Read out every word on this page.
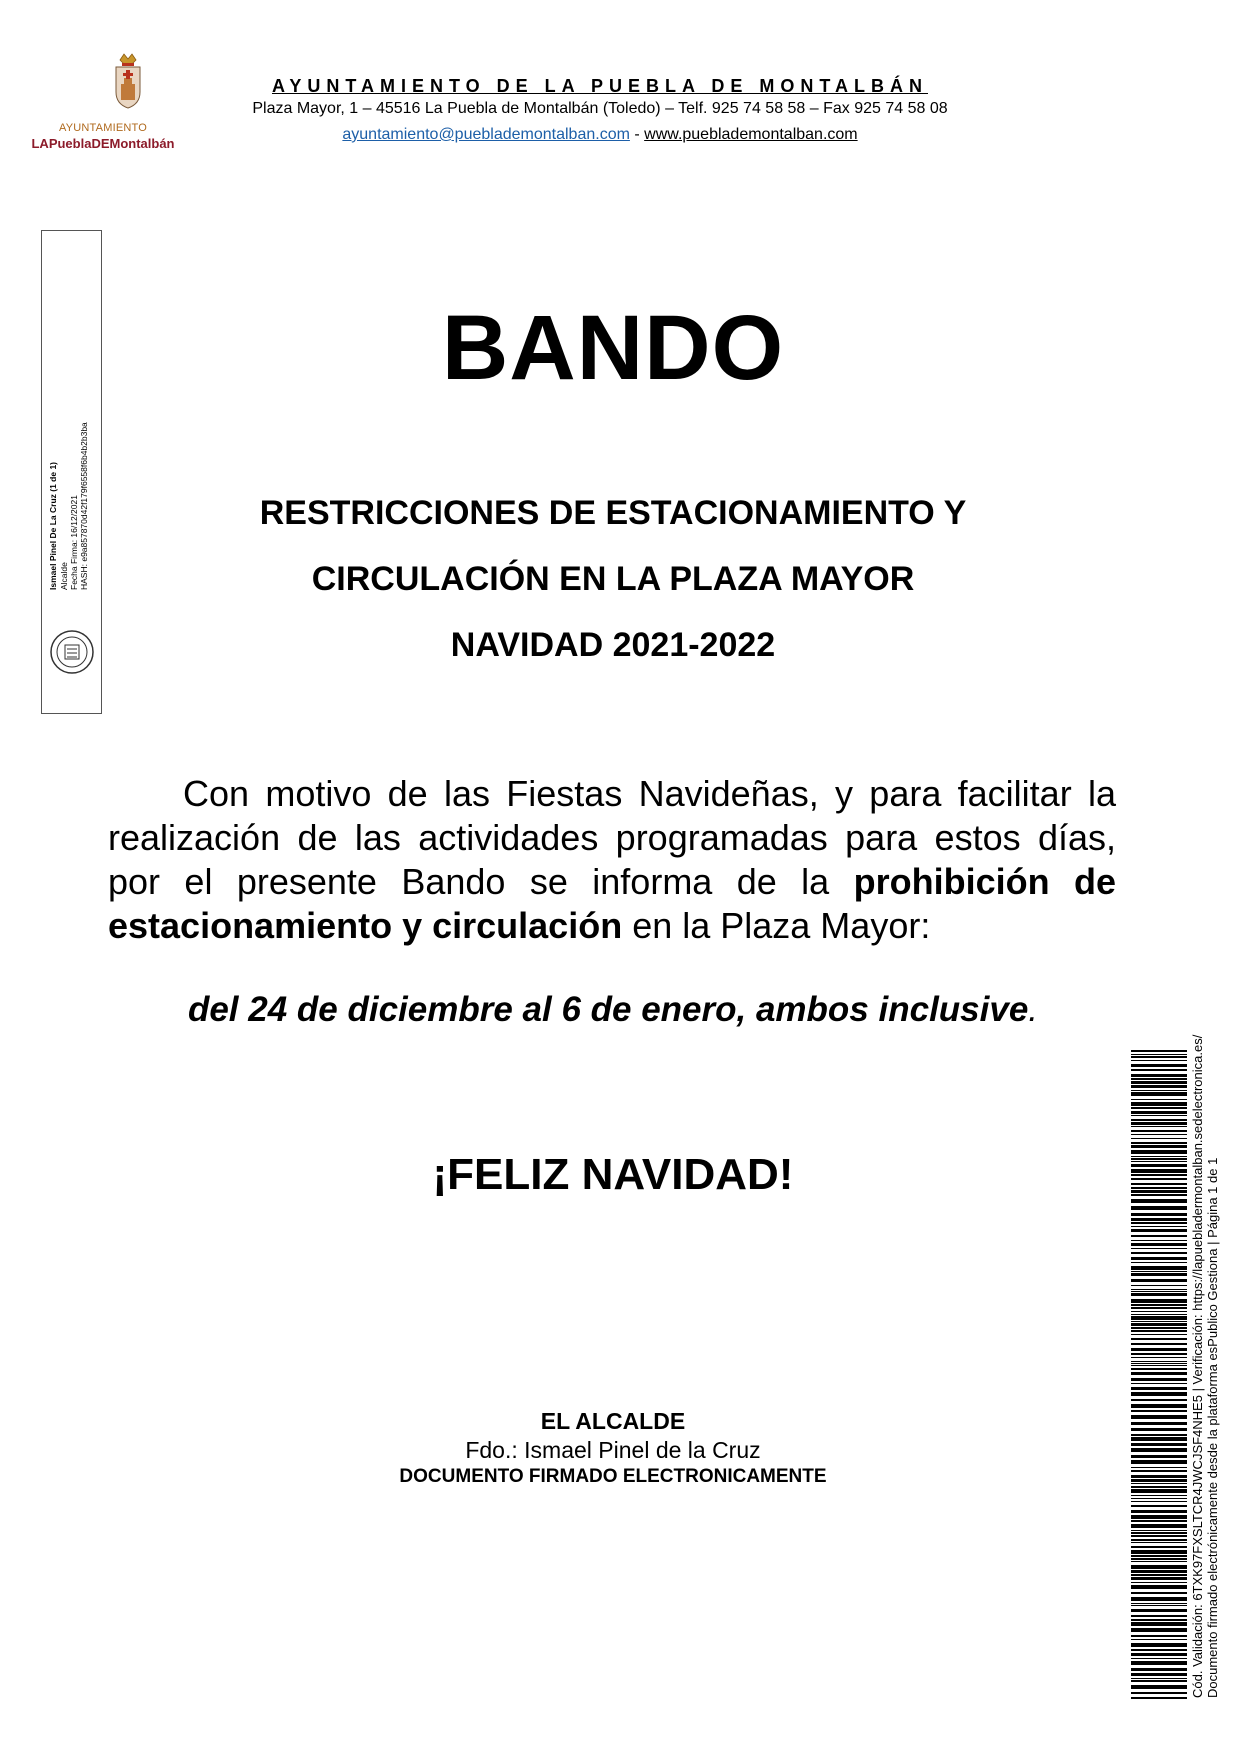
AYUNTAMIENTO
LAPueblaDEMontalbán
AYUNTAMIENTO DE LA PUEBLA DE MONTALBÁN
Plaza Mayor, 1 – 45516 La Puebla de Montalbán (Toledo) – Telf. 925 74 58 58 – Fax 925 74 58 08
ayuntamiento@pueblademontalban.com - www.pueblademontalban.com
Ismael Pinel De La Cruz (1 de 1) Alcalde Fecha Firma: 16/12/2021 HASH: e9a857870d42f179f6558f6b4b2b3ba
BANDO
RESTRICCIONES DE ESTACIONAMIENTO Y
CIRCULACIÓN EN LA PLAZA MAYOR
NAVIDAD 2021-2022
Con motivo de las Fiestas Navideñas, y para facilitar la realización de las actividades programadas para estos días, por el presente Bando se informa de la prohibición de estacionamiento y circulación en la Plaza Mayor:
del 24 de diciembre al 6 de enero, ambos inclusive.
¡FELIZ NAVIDAD!
EL ALCALDE
Fdo.: Ismael Pinel de la Cruz
DOCUMENTO FIRMADO ELECTRONICAMENTE	Cód. Validación: 6TXK97FXSLTCR4JWCJSF4NHE5 | Verificación: https://lapuebladermontalban.sedelectronica.es/ Documento firmado electrónicamente desde la plataforma esPublico Gestiona | Página 1 de 1
